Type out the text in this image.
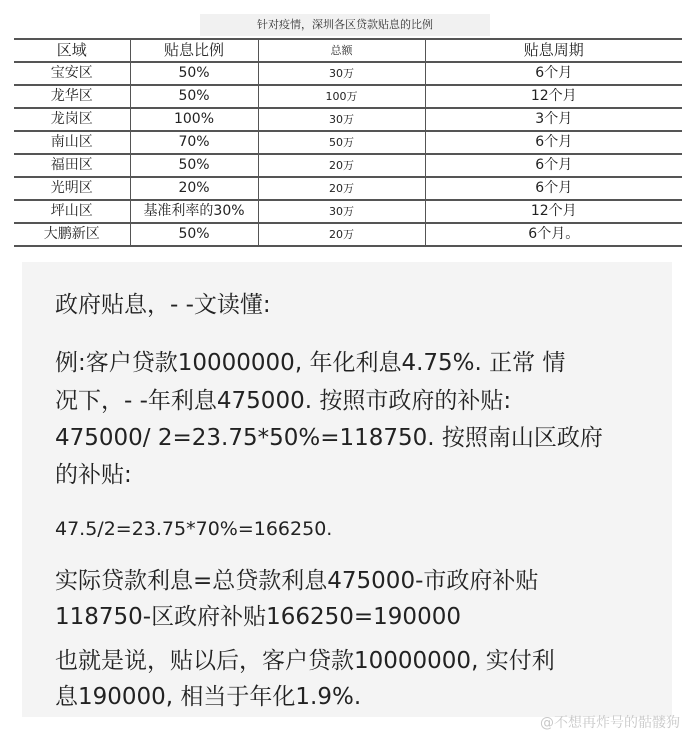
针对疫情，深圳各区贷款贴息的比例
区域	贴息比例	总额	贴息周期
宝安区	50%	30万	6个月
龙华区	50%	100万	12个月
龙岗区	100%	30万	3个月
南山区	70%	50万	6个月
福田区	50%	20万	6个月
光明区	20%	20万	6个月
坪山区	基准利率的30%	30万	12个月
大鹏新区	50%	20万	6个月。
政府贴息，- -文读懂:
例:客户贷款10000000, 年化利息4.75%. 正常 情
况下，- -年利息475000. 按照市政府的补贴:
475000/ 2=23.75*50%=118750. 按照南山区政府
的补贴:
47.5/2=23.75*70%=166250.
实际贷款利息=总贷款利息475000-市政府补贴
118750-区政府补贴166250=190000
也就是说，贴以后，客户贷款10000000, 实付利
息190000, 相当于年化1.9%.
@不想再炸号的骷髅狗
